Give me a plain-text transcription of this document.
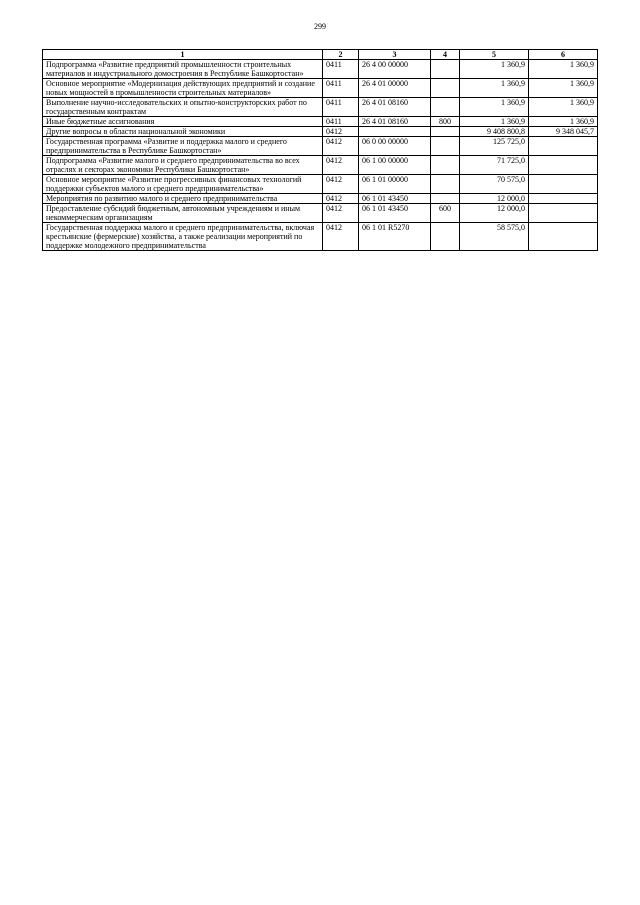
299
1	2	3	4	5	6
Подпрограмма «Развитие предприятий промышленности строительных материалов и индустриального домостроения в Республике Башкортостан»	0411	26 4 00 00000		1 360,9	1 360,9
Основное мероприятие «Модернизация действующих предприятий и создание новых мощностей в промышленности строительных материалов»	0411	26 4 01 00000		1 360,9	1 360,9
Выполнение научно-исследовательских и опытно-конструкторских работ по государственным контрактам	0411	26 4 01 08160		1 360,9	1 360,9
Иные бюджетные ассигнования	0411	26 4 01 08160	800	1 360,9	1 360,9
Другие вопросы в области национальной экономики	0412			9 408 800,8	9 348 045,7
Государственная программа «Развитие и поддержка малого и среднего предпринимательства в Республике Башкортостан»	0412	06 0 00 00000		125 725,0	
Подпрограмма «Развитие малого и среднего предпринимательства во всех отраслях и секторах экономики Республики Башкортостан»	0412	06 1 00 00000		71 725,0	
Основное мероприятие «Развитие прогрессивных финансовых технологий поддержки субъектов малого и среднего предпринимательства»	0412	06 1 01 00000		70 575,0	
Мероприятия по развитию малого и среднего предпринимательства	0412	06 1 01 43450		12 000,0	
Предоставление субсидий бюджетным, автономным учреждениям и иным некоммерческим организациям	0412	06 1 01 43450	600	12 000,0	
Государственная поддержка малого и среднего предпринимательства, включая крестьянские (фермерские) хозяйства, а также реализации мероприятий по поддержке молодежного предпринимательства	0412	06 1 01 R5270		58 575,0	
